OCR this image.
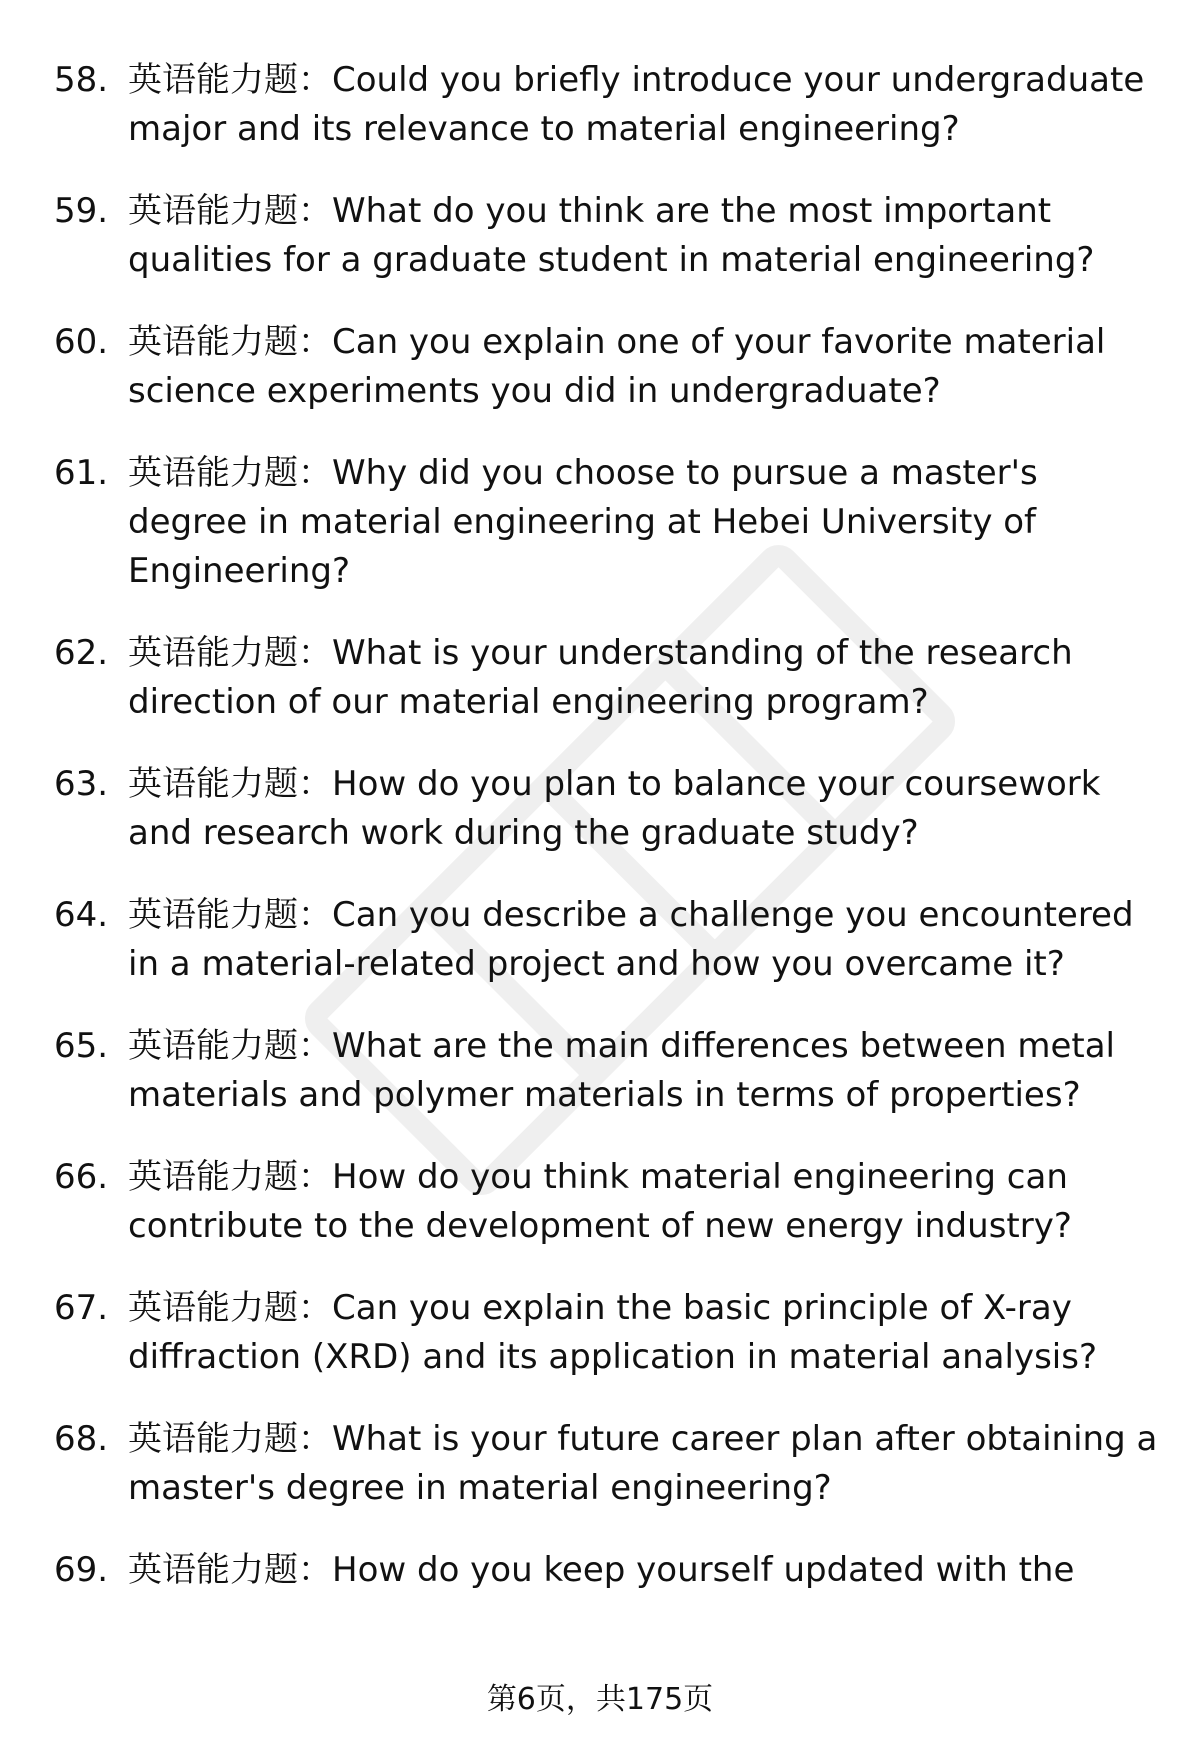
58. 英语能力题：Could you briefly introduce your undergraduate major and its relevance to material engineering?
59. 英语能力题：What do you think are the most important qualities for a graduate student in material engineering?
60. 英语能力题：Can you explain one of your favorite material science experiments you did in undergraduate?
61. 英语能力题：Why did you choose to pursue a master's degree in material engineering at Hebei University of Engineering?
62. 英语能力题：What is your understanding of the research direction of our material engineering program?
63. 英语能力题：How do you plan to balance your coursework and research work during the graduate study?
64. 英语能力题：Can you describe a challenge you encountered in a material-related project and how you overcame it?
65. 英语能力题：What are the main differences between metal materials and polymer materials in terms of properties?
66. 英语能力题：How do you think material engineering can contribute to the development of new energy industry?
67. 英语能力题：Can you explain the basic principle of X-ray diffraction (XRD) and its application in material analysis?
68. 英语能力题：What is your future career plan after obtaining a master's degree in material engineering?
69. 英语能力题：How do you keep yourself updated with the
第6页，共175页
